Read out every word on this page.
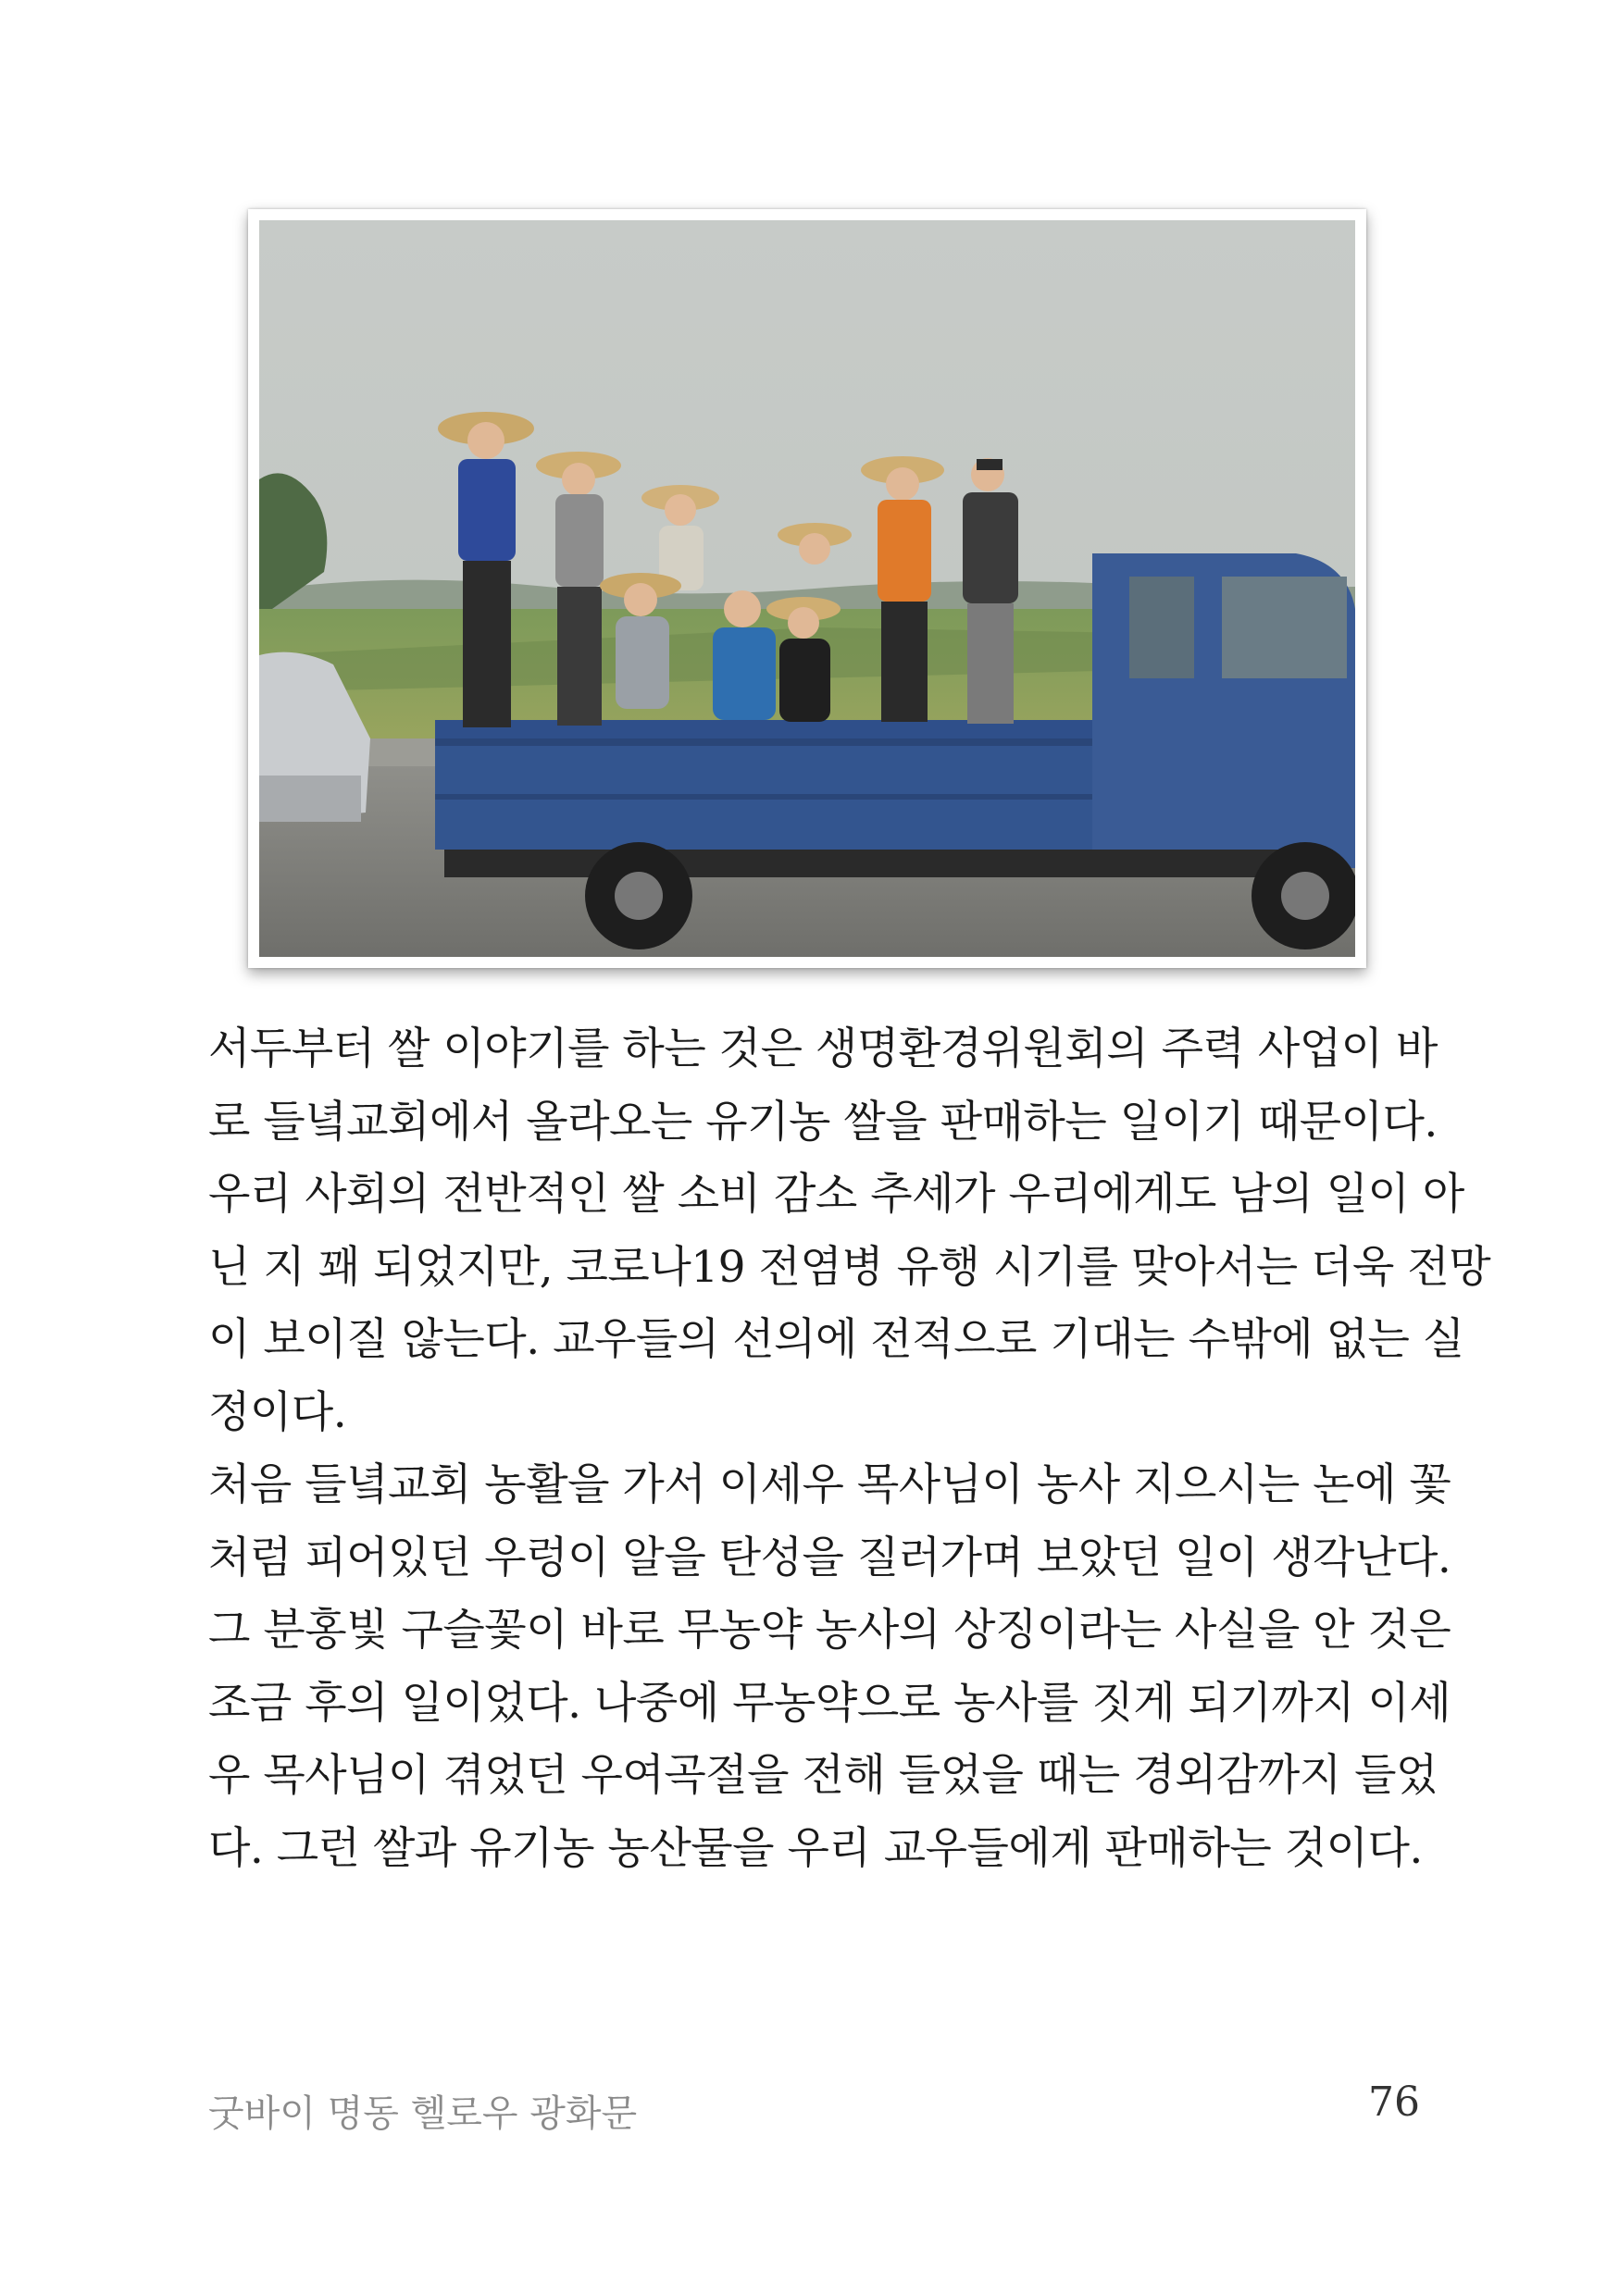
서두부터 쌀 이야기를 하는 것은 생명환경위원회의 주력 사업이 바
로 들녘교회에서 올라오는 유기농 쌀을 판매하는 일이기 때문이다.
우리 사회의 전반적인 쌀 소비 감소 추세가 우리에게도 남의 일이 아
닌 지 꽤 되었지만, 코로나19 전염병 유행 시기를 맞아서는 더욱 전망
이 보이질 않는다. 교우들의 선의에 전적으로 기대는 수밖에 없는 실
정이다.
처음 들녘교회 농활을 가서 이세우 목사님이 농사 지으시는 논에 꽃
처럼 피어있던 우렁이 알을 탄성을 질러가며 보았던 일이 생각난다.
그 분홍빛 구슬꽃이 바로 무농약 농사의 상징이라는 사실을 안 것은
조금 후의 일이었다. 나중에 무농약으로 농사를 짓게 되기까지 이세
우 목사님이 겪었던 우여곡절을 전해 들었을 때는 경외감까지 들었
다. 그런 쌀과 유기농 농산물을 우리 교우들에게 판매하는 것이다.
굿바이 명동 헬로우 광화문	76
